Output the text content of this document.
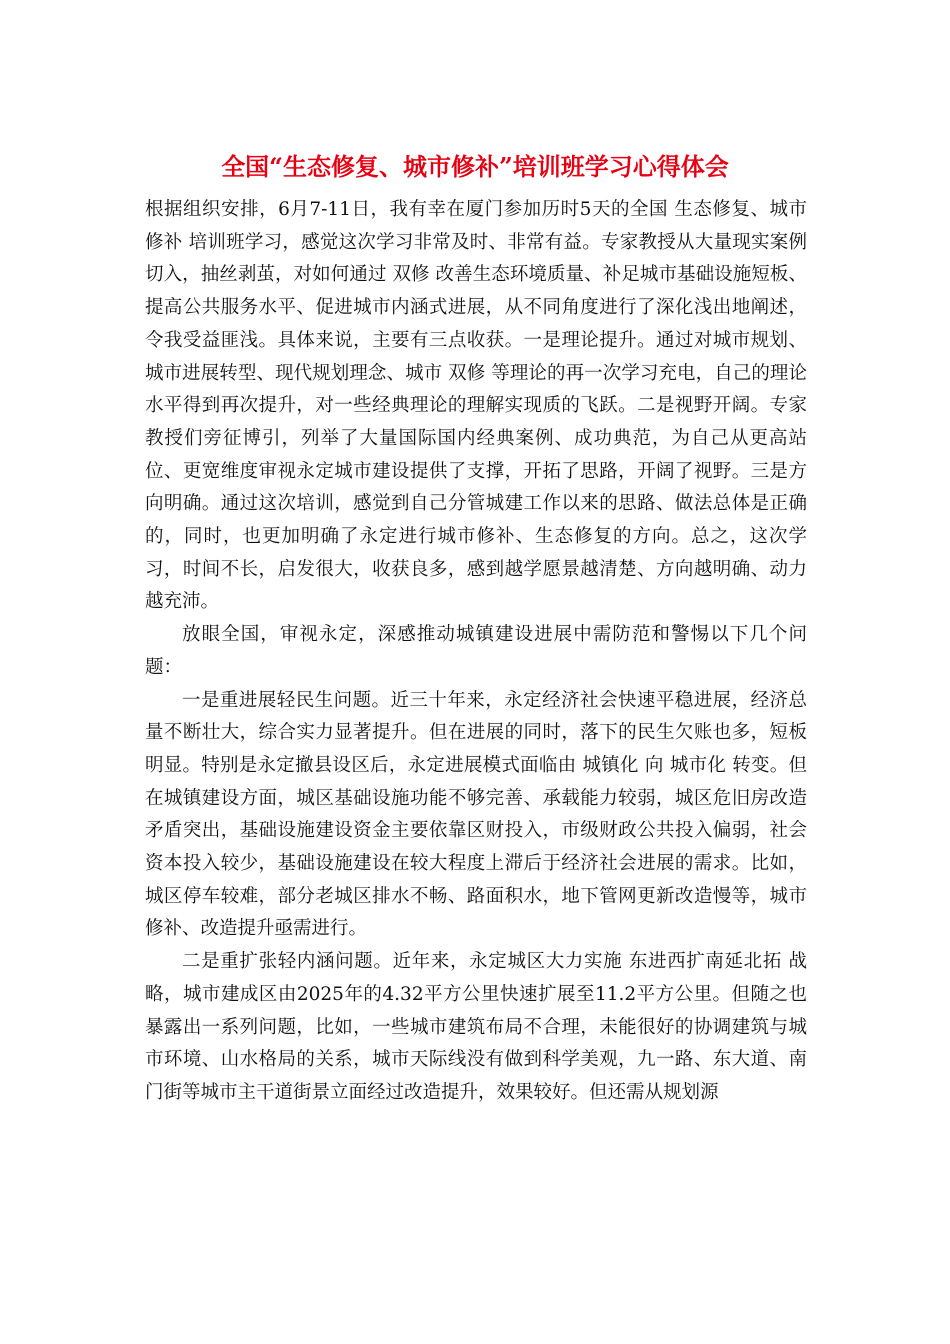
全国“生态修复、城市修补”培训班学习心得体会

根据组织安排，6月7-11日，我有幸在厦门参加历时5天的全国 生态修复、城市修补 培训班学习，感觉这次学习非常及时、非常有益。专家教授从大量现实案例切入，抽丝剥茧，对如何通过 双修 改善生态环境质量、补足城市基础设施短板、提高公共服务水平、促进城市内涵式进展，从不同角度进行了深化浅出地阐述，令我受益匪浅。具体来说，主要有三点收获。一是理论提升。通过对城市规划、城市进展转型、现代规划理念、城市 双修 等理论的再一次学习充电，自己的理论水平得到再次提升，对一些经典理论的理解实现质的飞跃。二是视野开阔。专家教授们旁征博引，列举了大量国际国内经典案例、成功典范，为自己从更高站位、更宽维度审视永定城市建设提供了支撑，开拓了思路，开阔了视野。三是方向明确。通过这次培训，感觉到自己分管城建工作以来的思路、做法总体是正确的，同时，也更加明确了永定进行城市修补、生态修复的方向。总之，这次学习，时间不长，启发很大，收获良多，感到越学愿景越清楚、方向越明确、动力越充沛。

放眼全国，审视永定，深感推动城镇建设进展中需防范和警惕以下几个问题：

一是重进展轻民生问题。近三十年来，永定经济社会快速平稳进展，经济总量不断壮大，综合实力显著提升。但在进展的同时，落下的民生欠账也多，短板明显。特别是永定撤县设区后，永定进展模式面临由 城镇化 向 城市化 转变。但在城镇建设方面，城区基础设施功能不够完善、承载能力较弱，城区危旧房改造矛盾突出，基础设施建设资金主要依靠区财投入，市级财政公共投入偏弱，社会资本投入较少，基础设施建设在较大程度上滞后于经济社会进展的需求。比如，城区停车较难，部分老城区排水不畅、路面积水，地下管网更新改造慢等，城市修补、改造提升亟需进行。

二是重扩张轻内涵问题。近年来，永定城区大力实施 东进西扩南延北拓 战略，城市建成区由2025年的4.32平方公里快速扩展至11.2平方公里。但随之也暴露出一系列问题，比如，一些城市建筑布局不合理，未能很好的协调建筑与城市环境、山水格局的关系，城市天际线没有做到科学美观，九一路、东大道、南门街等城市主干道街景立面经过改造提升，效果较好。但还需从规划源
